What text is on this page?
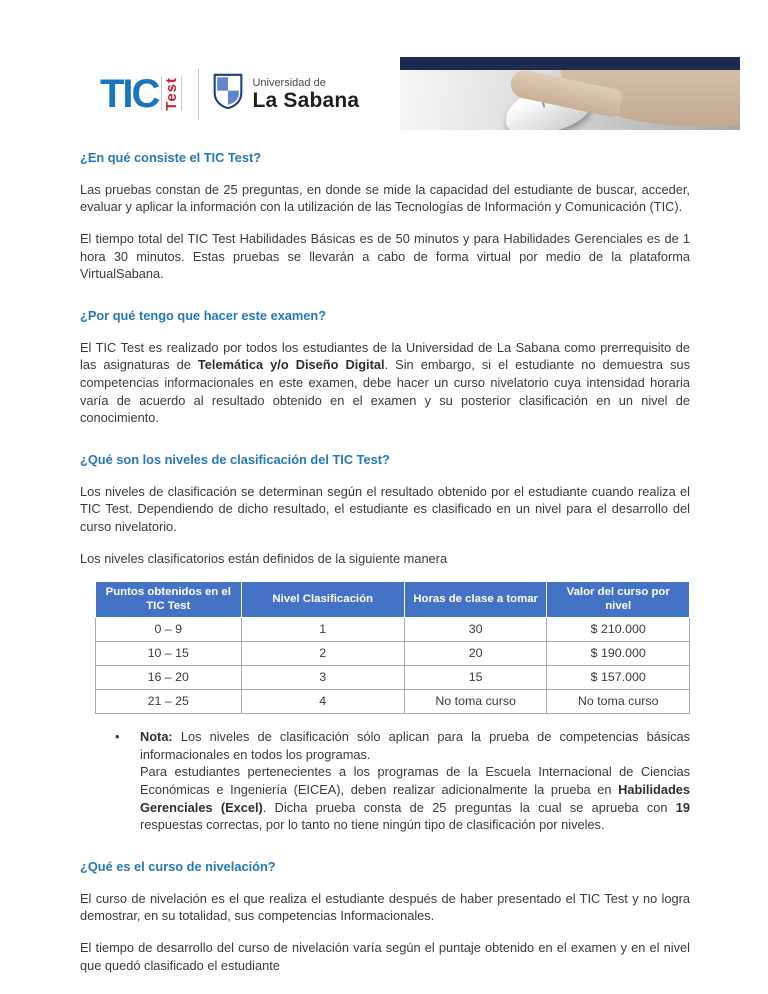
TIC Test	Universidad de
La Sabana
¿En qué consiste el TIC Test?

Las pruebas constan de 25 preguntas, en donde se mide la capacidad del estudiante de buscar, acceder, evaluar y aplicar la información con la utilización de las Tecnologías de Información y Comunicación (TIC).

El tiempo total del TIC Test Habilidades Básicas es de 50 minutos y para Habilidades Gerenciales es de 1 hora 30 minutos. Estas pruebas se llevarán a cabo de forma virtual por medio de la plataforma VirtualSabana.

¿Por qué tengo que hacer este examen?

El TIC Test es realizado por todos los estudiantes de la Universidad de La Sabana como prerrequisito de las asignaturas de Telemática y/o Diseño Digital. Sin embargo, si el estudiante no demuestra sus competencias informacionales en este examen, debe hacer un curso nivelatorio cuya intensidad horaria varía de acuerdo al resultado obtenido en el examen y su posterior clasificación en un nivel de conocimiento.

¿Qué son los niveles de clasificación del TIC Test?

Los niveles de clasificación se determinan según el resultado obtenido por el estudiante cuando realiza el TIC Test. Dependiendo de dicho resultado, el estudiante es clasificado en un nivel para el desarrollo del curso nivelatorio.

Los niveles clasificatorios están definidos de la siguiente manera

Puntos obtenidos en el TIC Test	Nivel Clasificación	Horas de clase a tomar	Valor del curso por nivel
0 – 9	1	30	$ 210.000
10 – 15	2	20	$ 190.000
16 – 20	3	15	$ 157.000
21 – 25	4	No toma curso	No toma curso
•	Nota: Los niveles de clasificación sólo aplican para la prueba de competencias básicas informacionales en todos los programas.

Para estudiantes pertenecientes a los programas de la Escuela Internacional de Ciencias Económicas e Ingeniería (EICEA), deben realizar adicionalmente la prueba en Habilidades Gerenciales (Excel). Dicha prueba consta de 25 preguntas la cual se aprueba con 19 respuestas correctas, por lo tanto no tiene ningún tipo de clasificación por niveles.

¿Qué es el curso de nivelación?

El curso de nivelación es el que realiza el estudiante después de haber presentado el TIC Test y no logra demostrar, en su totalidad, sus competencias Informacionales.

El tiempo de desarrollo del curso de nivelación varía según el puntaje obtenido en el examen y en el nivel que quedó clasificado el estudiante
